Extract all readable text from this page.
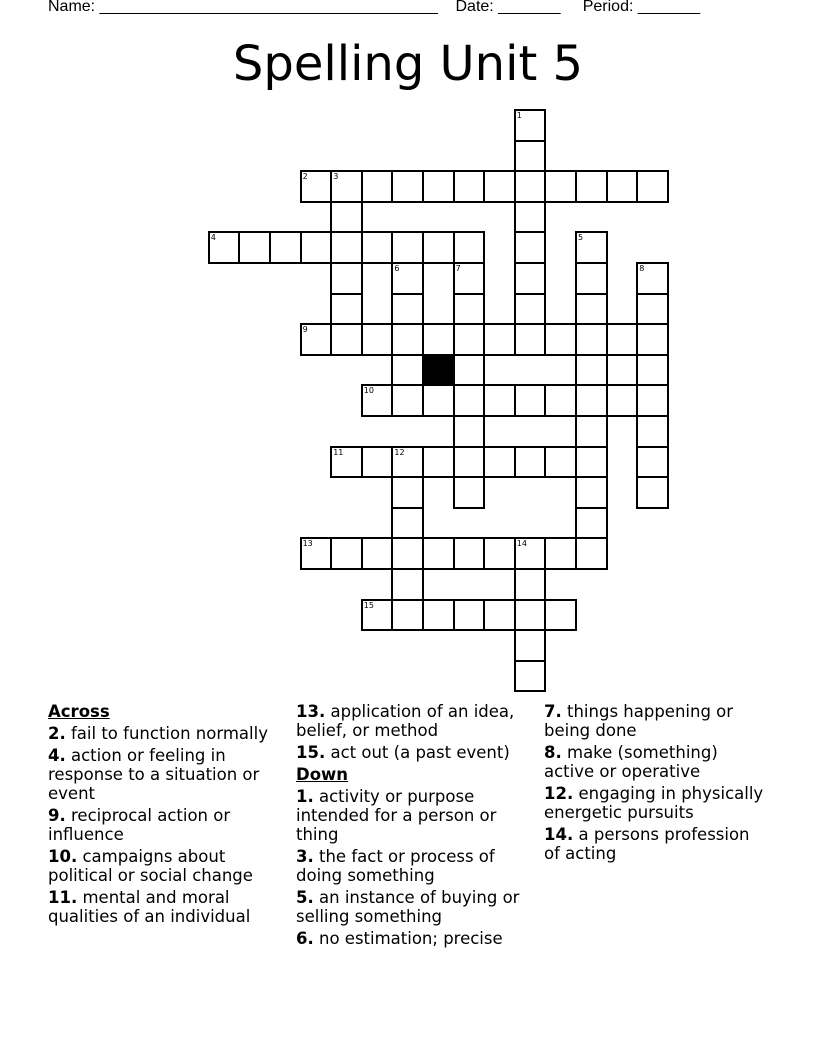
Name: ______________________________________ Date: _______ Period: _______
Spelling Unit 5
2	3
4
9
10
11	12
13	14
15
1
5
6	7	8
Across
2. fail to function normally
4. action or feeling in response to a situation or event
9. reciprocal action or influence
10. campaigns about political or social change
11. mental and moral qualities of an individual
13. application of an idea, belief, or method
15. act out (a past event)
Down
1. activity or purpose intended for a person or thing
3. the fact or process of doing something
5. an instance of buying or selling something
6. no estimation; precise
7. things happening or being done
8. make (something) active or operative
12. engaging in physically energetic pursuits
14. a persons profession of acting
